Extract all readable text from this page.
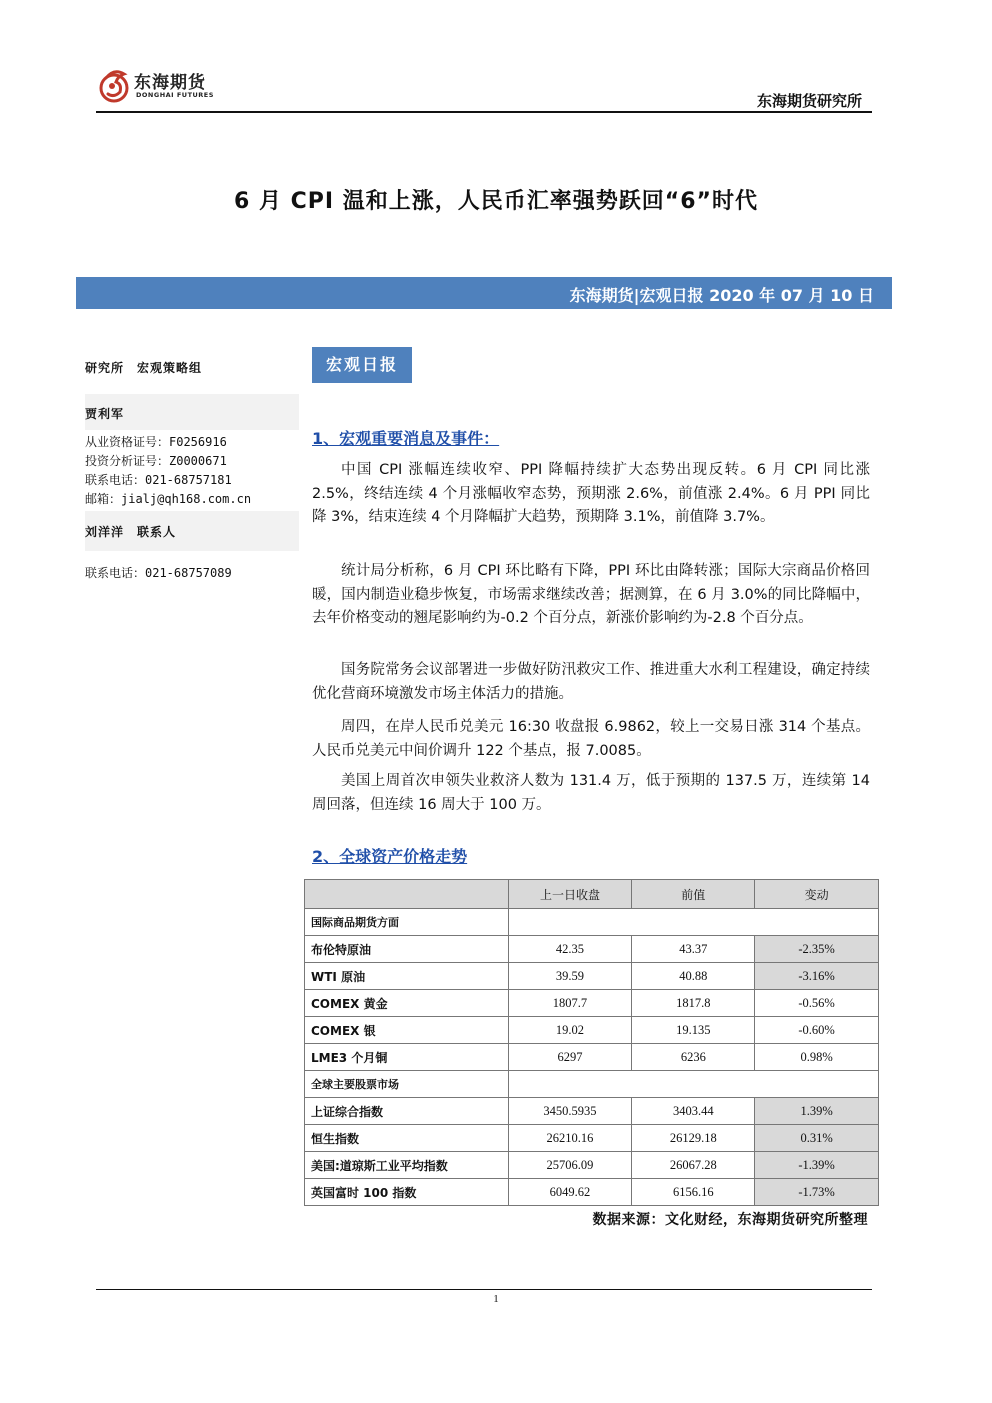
东海期货
DONGHAI FUTURES	东海期货研究所
6 月 CPI 温和上涨，人民币汇率强势跃回“6”时代
东海期货|宏观日报 2020 年 07 月 10 日
研究所　宏观策略组
贾利军
从业资格证号：F0256916
投资分析证号：Z0000671
联系电话：021-68757181
邮箱：jialj@qh168.com.cn
刘洋洋　联系人
联系电话：021-68757089
宏观日报
1、宏观重要消息及事件：
中国 CPI 涨幅连续收窄、PPI 降幅持续扩大态势出现反转。6 月 CPI 同比涨 2.5%，终结连续 4 个月涨幅收窄态势，预期涨 2.6%，前值涨 2.4%。6 月 PPI 同比降 3%，结束连续 4 个月降幅扩大趋势，预期降 3.1%，前值降 3.7%。
统计局分析称，6 月 CPI 环比略有下降，PPI 环比由降转涨；国际大宗商品价格回暖，国内制造业稳步恢复，市场需求继续改善；据测算，在 6 月 3.0%的同比降幅中，去年价格变动的翘尾影响约为-0.2 个百分点，新涨价影响约为-2.8 个百分点。
国务院常务会议部署进一步做好防汛救灾工作、推进重大水利工程建设，确定持续优化营商环境激发市场主体活力的措施。
周四，在岸人民币兑美元 16:30 收盘报 6.9862，较上一交易日涨 314 个基点。人民币兑美元中间价调升 122 个基点，报 7.0085。
美国上周首次申领失业救济人数为 131.4 万，低于预期的 137.5 万，连续第 14 周回落，但连续 16 周大于 100 万。
2、全球资产价格走势
	上一日收盘	前值	变动
国际商品期货方面			
布伦特原油	42.35	43.37	-2.35%
WTI 原油	39.59	40.88	-3.16%
COMEX 黄金	1807.7	1817.8	-0.56%
COMEX 银	19.02	19.135	-0.60%
LME3 个月铜	6297	6236	0.98%
全球主要股票市场			
上证综合指数	3450.5935	3403.44	1.39%
恒生指数	26210.16	26129.18	0.31%
美国:道琼斯工业平均指数	25706.09	26067.28	-1.39%
英国富时 100 指数	6049.62	6156.16	-1.73%
数据来源：文化财经，东海期货研究所整理
1
